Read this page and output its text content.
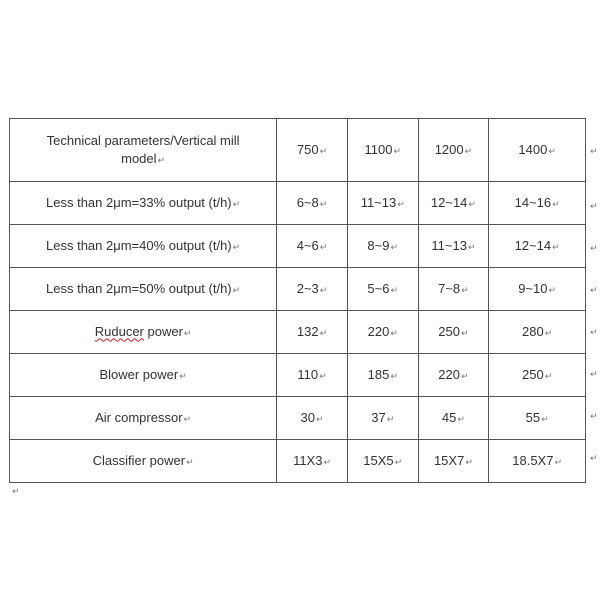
Technical parameters/Vertical mill
model↵	750↵	1100↵	1200↵	1400↵
Less than 2μm=33% output (t/h)↵	6~8↵	11~13↵	12~14↵	14~16↵
Less than 2μm=40% output (t/h)↵	4~6↵	8~9↵	11~13↵	12~14↵
Less than 2μm=50% output (t/h)↵	2~3↵	5~6↵	7~8↵	9~10↵
Ruducer power↵	132↵	220↵	250↵	280↵
Blower power↵	110↵	185↵	220↵	250↵
Air compressor↵	30↵	37↵	45↵	55↵
Classifier power↵	11X3↵	15X5↵	15X7↵	18.5X7↵
↵
↵
↵
↵
↵
↵
↵
↵
↵
